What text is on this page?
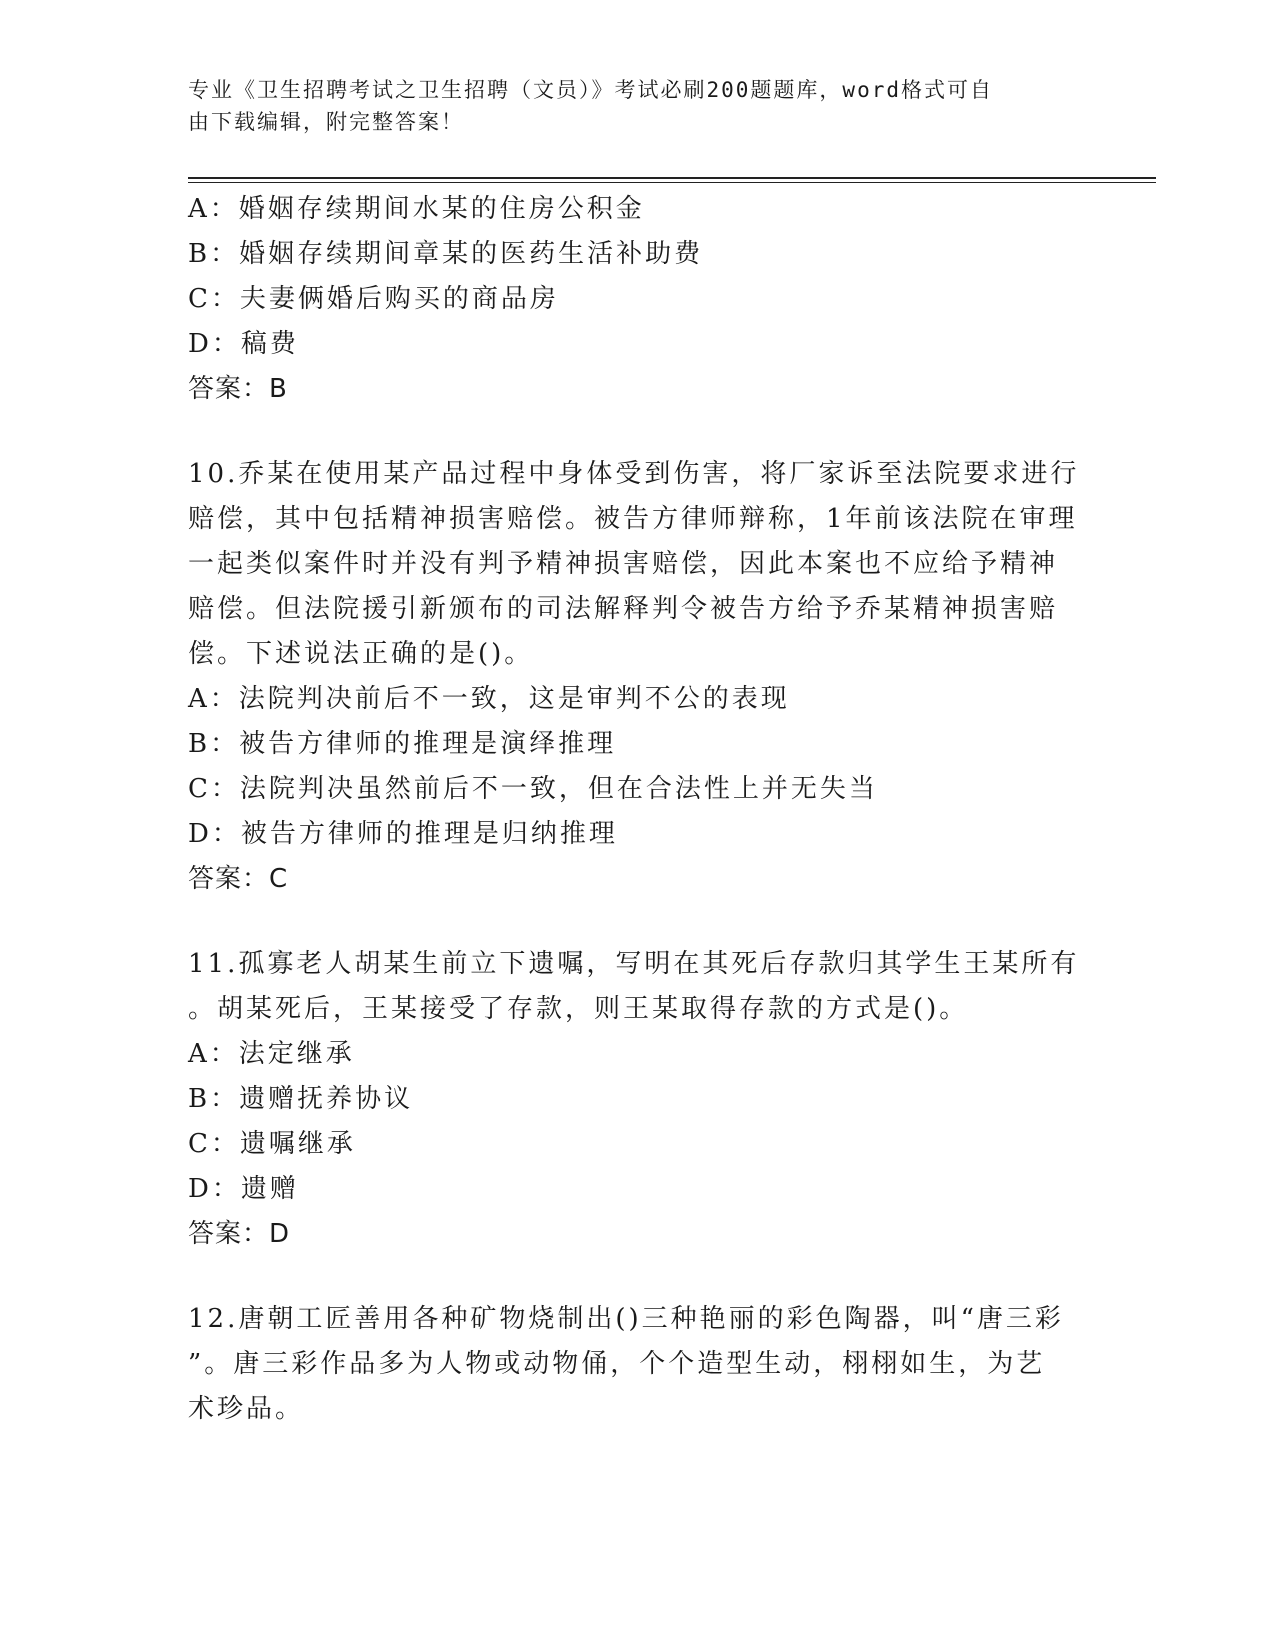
专业《卫生招聘考试之卫生招聘（文员）》考试必刷200题题库，word格式可自
由下载编辑，附完整答案！
A：婚姻存续期间水某的住房公积金
B：婚姻存续期间章某的医药生活补助费
C：夫妻俩婚后购买的商品房
D：稿费
答案：B
10.乔某在使用某产品过程中身体受到伤害，将厂家诉至法院要求进行
赔偿，其中包括精神损害赔偿。被告方律师辩称，1年前该法院在审理
一起类似案件时并没有判予精神损害赔偿，因此本案也不应给予精神
赔偿。但法院援引新颁布的司法解释判令被告方给予乔某精神损害赔
偿。下述说法正确的是()。
A：法院判决前后不一致，这是审判不公的表现
B：被告方律师的推理是演绎推理
C：法院判决虽然前后不一致，但在合法性上并无失当
D：被告方律师的推理是归纳推理
答案：C
11.孤寡老人胡某生前立下遗嘱，写明在其死后存款归其学生王某所有
。胡某死后，王某接受了存款，则王某取得存款的方式是()。
A：法定继承
B：遗赠抚养协议
C：遗嘱继承
D：遗赠
答案：D
12.唐朝工匠善用各种矿物烧制出()三种艳丽的彩色陶器，叫“唐三彩
”。唐三彩作品多为人物或动物俑，个个造型生动，栩栩如生，为艺
术珍品。
